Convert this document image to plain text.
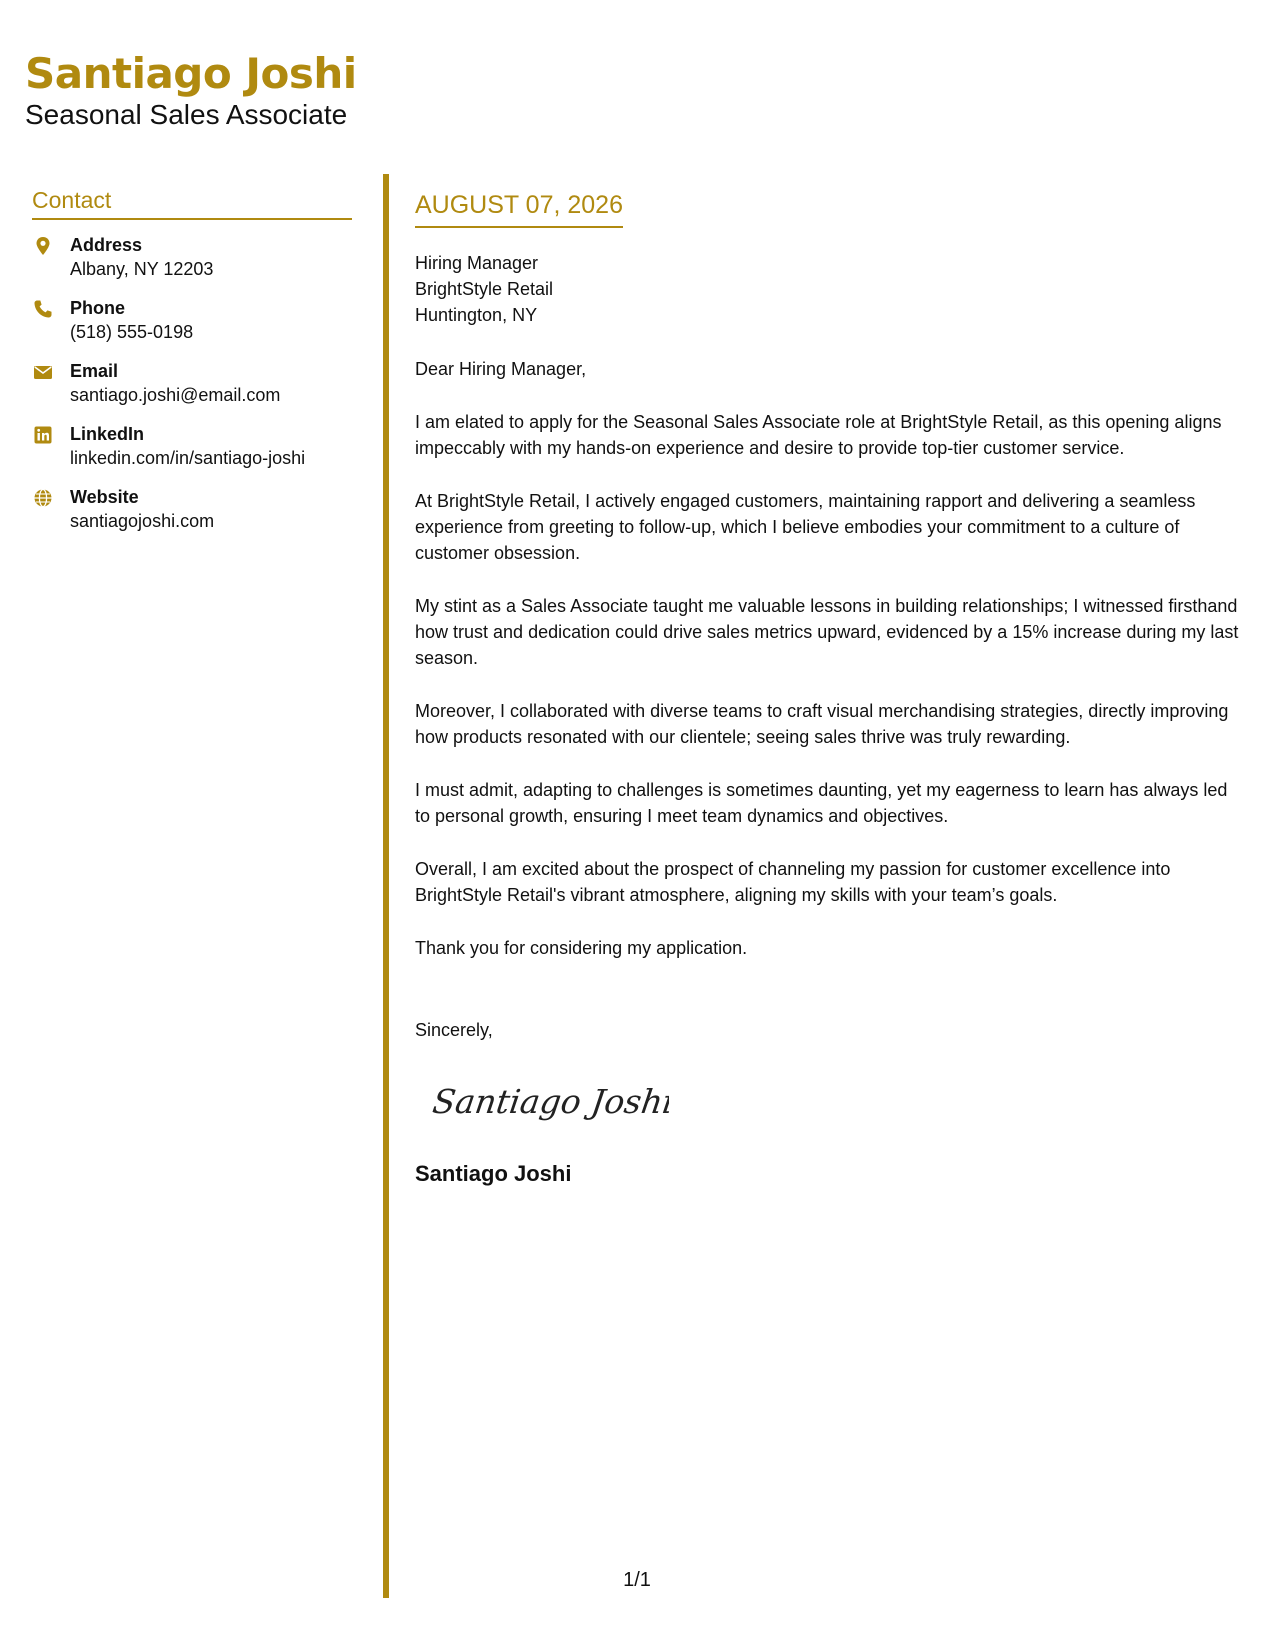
Santiago Joshi
Seasonal Sales Associate
Contact
Address
Albany, NY 12203
Phone
(518) 555-0198
Email
santiago.joshi@email.com
LinkedIn
linkedin.com/in/santiago-joshi
Website
santiagojoshi.com
AUGUST 07, 2026
Hiring Manager
BrightStyle Retail
Huntington, NY

Dear Hiring Manager,

I am elated to apply for the Seasonal Sales Associate role at BrightStyle Retail, as this opening aligns impeccably with my hands-on experience and desire to provide top-tier customer service.

At BrightStyle Retail, I actively engaged customers, maintaining rapport and delivering a seamless experience from greeting to follow-up, which I believe embodies your commitment to a culture of customer obsession.

My stint as a Sales Associate taught me valuable lessons in building relationships; I witnessed firsthand how trust and dedication could drive sales metrics upward, evidenced by a 15% increase during my last season.

Moreover, I collaborated with diverse teams to craft visual merchandising strategies, directly improving how products resonated with our clientele; seeing sales thrive was truly rewarding.

I must admit, adapting to challenges is sometimes daunting, yet my eagerness to learn has always led to personal growth, ensuring I meet team dynamics and objectives.

Overall, I am excited about the prospect of channeling my passion for customer excellence into BrightStyle Retail's vibrant atmosphere, aligning my skills with your team’s goals.

Thank you for considering my application.

Sincerely,
Santiago Joshi
Santiago Joshi
1/1
